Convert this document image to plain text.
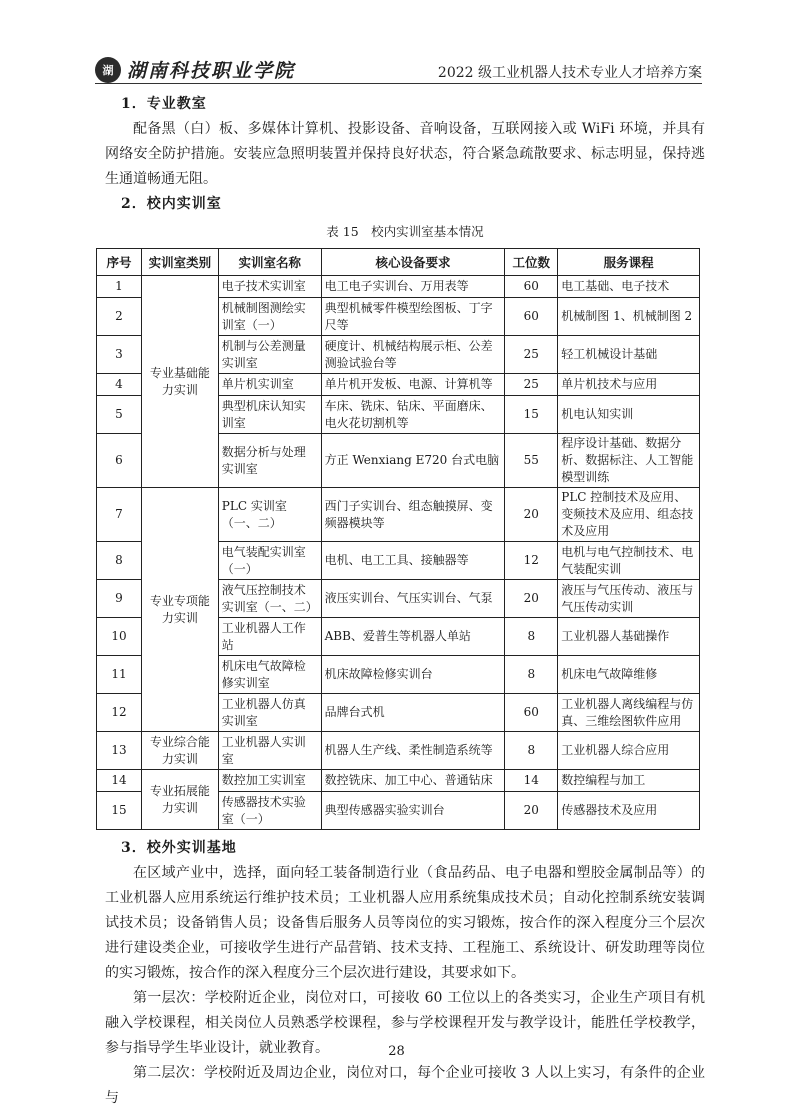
湖 湖南科技职业学院	2022 级工业机器人技术专业人才培养方案

1．专业教室

配备黑（白）板、多媒体计算机、投影设备、音响设备，互联网接入或 WiFi 环境，并具有网络安全防护措施。安装应急照明装置并保持良好状态，符合紧急疏散要求、标志明显，保持逃生通道畅通无阻。

2．校内实训室

表 15　校内实训室基本情况
序号	实训室类别	实训室名称	核心设备要求	工位数	服务课程
1	专业基础能力实训	电子技术实训室	电工电子实训台、万用表等	60	电工基础、电子技术
2		机械制图测绘实训室（一）	典型机械零件模型绘图板、丁字尺等	60	机械制图 1、机械制图 2
3		机制与公差测量实训室	硬度计、机械结构展示柜、公差测验试验台等	25	轻工机械设计基础
4		单片机实训室	单片机开发板、电源、计算机等	25	单片机技术与应用
5		典型机床认知实训室	车床、铣床、钻床、平面磨床、电火花切割机等	15	机电认知实训
6		数据分析与处理实训室	方正 Wenxiang E720 台式电脑	55	程序设计基础、数据分析、数据标注、人工智能模型训练
7	专业专项能力实训	PLC 实训室（一、二）	西门子实训台、组态触摸屏、变频器模块等	20	PLC 控制技术及应用、变频技术及应用、组态技术及应用
8		电气装配实训室（一）	电机、电工工具、接触器等	12	电机与电气控制技术、电气装配实训
9		液气压控制技术实训室（一、二）	液压实训台、气压实训台、气泵	20	液压与气压传动、液压与气压传动实训
10		工业机器人工作站	ABB、爱普生等机器人单站	8	工业机器人基础操作
11		机床电气故障检修实训室	机床故障检修实训台	8	机床电气故障维修
12		工业机器人仿真实训室	品牌台式机	60	工业机器人离线编程与仿真、三维绘图软件应用
13	专业综合能力实训	工业机器人实训室	机器人生产线、柔性制造系统等	8	工业机器人综合应用
14	专业拓展能力实训	数控加工实训室	数控铣床、加工中心、普通钻床	14	数控编程与加工
15		传感器技术实验室（一）	典型传感器实验实训台	20	传感器技术及应用

3．校外实训基地

在区域产业中，选择，面向轻工装备制造行业（食品药品、电子电器和塑胶金属制品等）的工业机器人应用系统运行维护技术员；工业机器人应用系统集成技术员；自动化控制系统安装调试技术员；设备销售人员；设备售后服务人员等岗位的实习锻炼，按合作的深入程度分三个层次进行建设类企业，可接收学生进行产品营销、技术支持、工程施工、系统设计、研发助理等岗位的实习锻炼，按合作的深入程度分三个层次进行建设，其要求如下。

第一层次：学校附近企业，岗位对口，可接收 60 工位以上的各类实习，企业生产项目有机融入学校课程，相关岗位人员熟悉学校课程，参与学校课程开发与教学设计，能胜任学校教学，参与指导学生毕业设计，就业教育。

第二层次：学校附近及周边企业，岗位对口，每个企业可接收 3 人以上实习，有条件的企业与

28
